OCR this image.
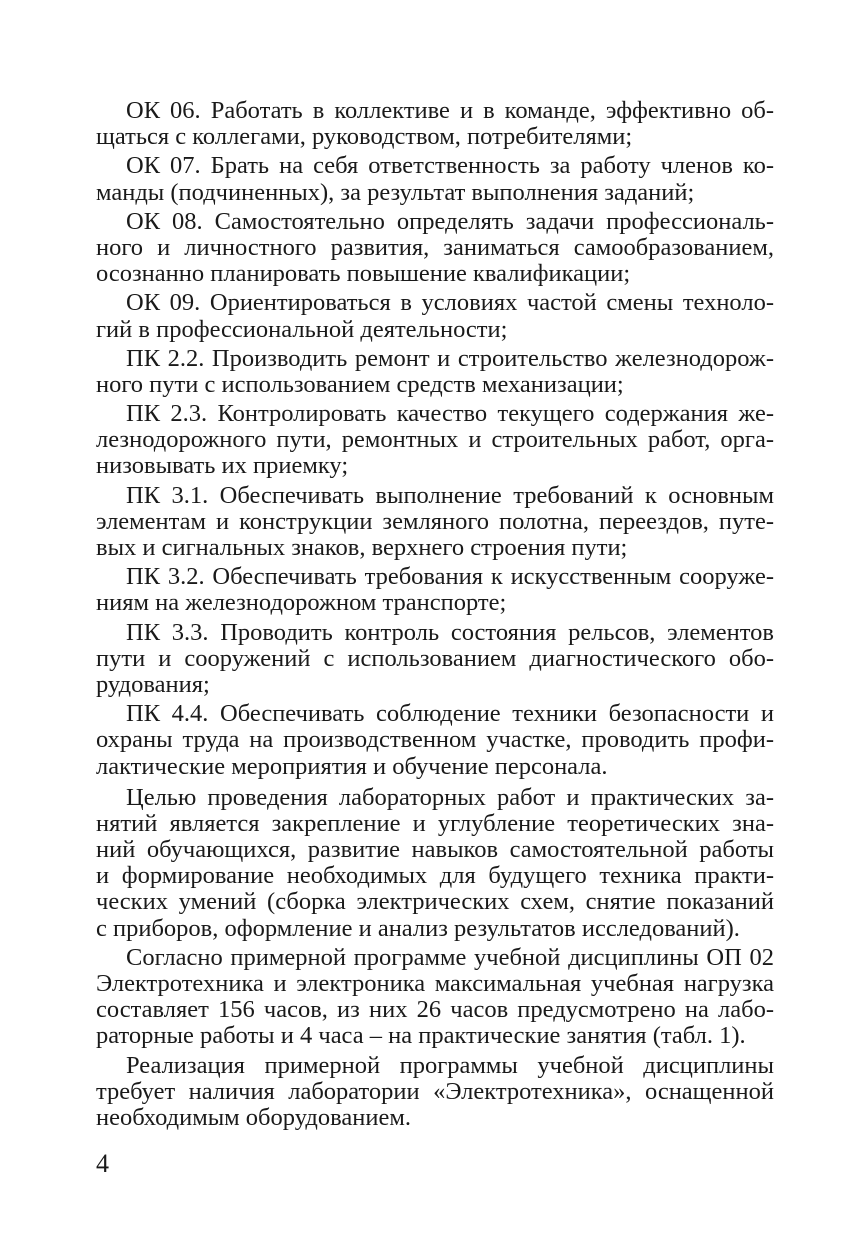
ОК 06. Работать в коллективе и в команде, эффективно об-
щаться с коллегами, руководством, потребителями;
ОК 07. Брать на себя ответственность за работу членов ко-
манды (подчиненных), за результат выполнения заданий;
ОК 08. Самостоятельно определять задачи профессиональ-
ного и личностного развития, заниматься самообразованием,
осознанно планировать повышение квалификации;
ОК 09. Ориентироваться в условиях частой смены техноло-
гий в профессиональной деятельности;
ПК 2.2. Производить ремонт и строительство железнодорож-
ного пути с использованием средств механизации;
ПК 2.3. Контролировать качество текущего содержания же-
лезнодорожного пути, ремонтных и строительных работ, орга-
низовывать их приемку;
ПК 3.1. Обеспечивать выполнение требований к основным
элементам и конструкции земляного полотна, переездов, путе-
вых и сигнальных знаков, верхнего строения пути;
ПК 3.2. Обеспечивать требования к искусственным сооруже-
ниям на железнодорожном транспорте;
ПК 3.3. Проводить контроль состояния рельсов, элементов
пути и сооружений с использованием диагностического обо-
рудования;
ПК 4.4. Обеспечивать соблюдение техники безопасности и
охраны труда на производственном участке, проводить профи-
лактические мероприятия и обучение персонала.
Целью проведения лабораторных работ и практических за-
нятий является закрепление и углубление теоретических зна-
ний обучающихся, развитие навыков самостоятельной работы
и формирование необходимых для будущего техника практи-
ческих умений (сборка электрических схем, снятие показаний
с приборов, оформление и анализ результатов исследований).
Согласно примерной программе учебной дисциплины ОП 02
Электротехника и электроника максимальная учебная нагрузка
составляет 156 часов, из них 26 часов предусмотрено на лабо-
раторные работы и 4 часа – на практические занятия (табл. 1).
Реализация примерной программы учебной дисциплины
требует наличия лаборатории «Электротехника», оснащенной
необходимым оборудованием.
4
